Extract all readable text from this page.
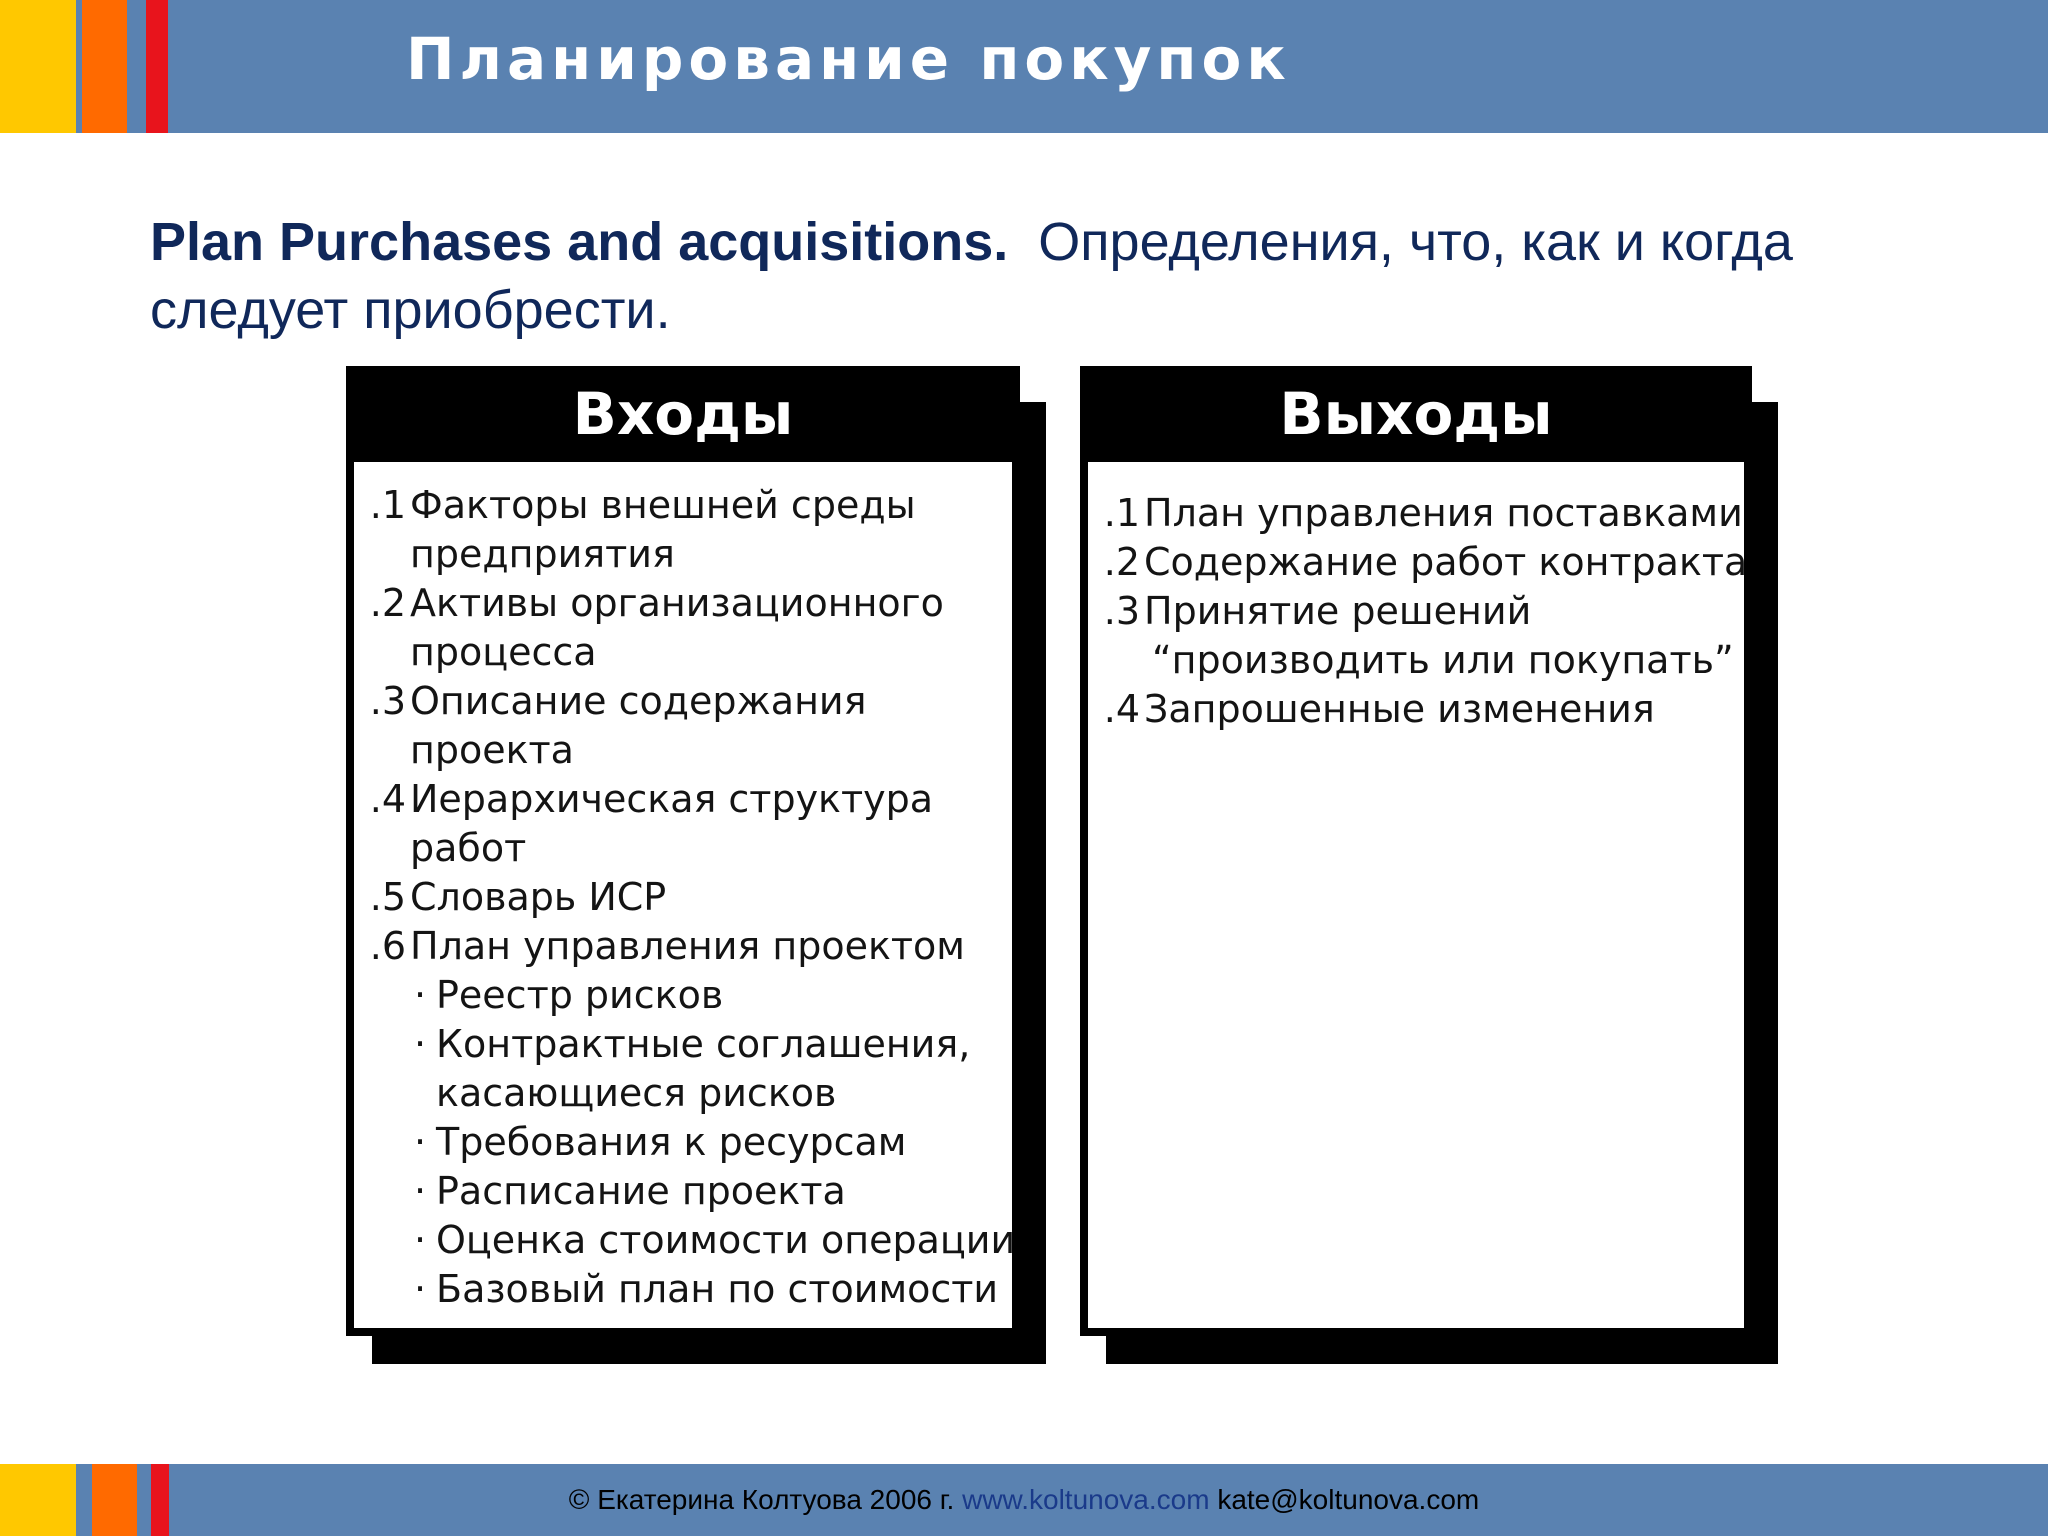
Планирование покупок

Plan Purchases and acquisitions. Определения, что, как и когда следует приобрести.

Входы
.1 Факторы внешней среды
предприятия
.2 Активы организационного
процесса
.3 Описание содержания
проекта
.4 Иерархическая структура
работ
.5 Словарь ИСР
.6 План управления проектом
· Реестр рисков
· Контрактные соглашения,
касающиеся рисков
· Требования к ресурсам
· Расписание проекта
· Оценка стоимости операции
· Базовый план по стоимости
Выходы
.1 План управления поставками
.2 Содержание работ контракта
.3 Принятие решений
“производить или покупать”
.4 Запрошенные изменения
© Екатерина Колтуова 2006 г. www.koltunova.com kate@koltunova.com
